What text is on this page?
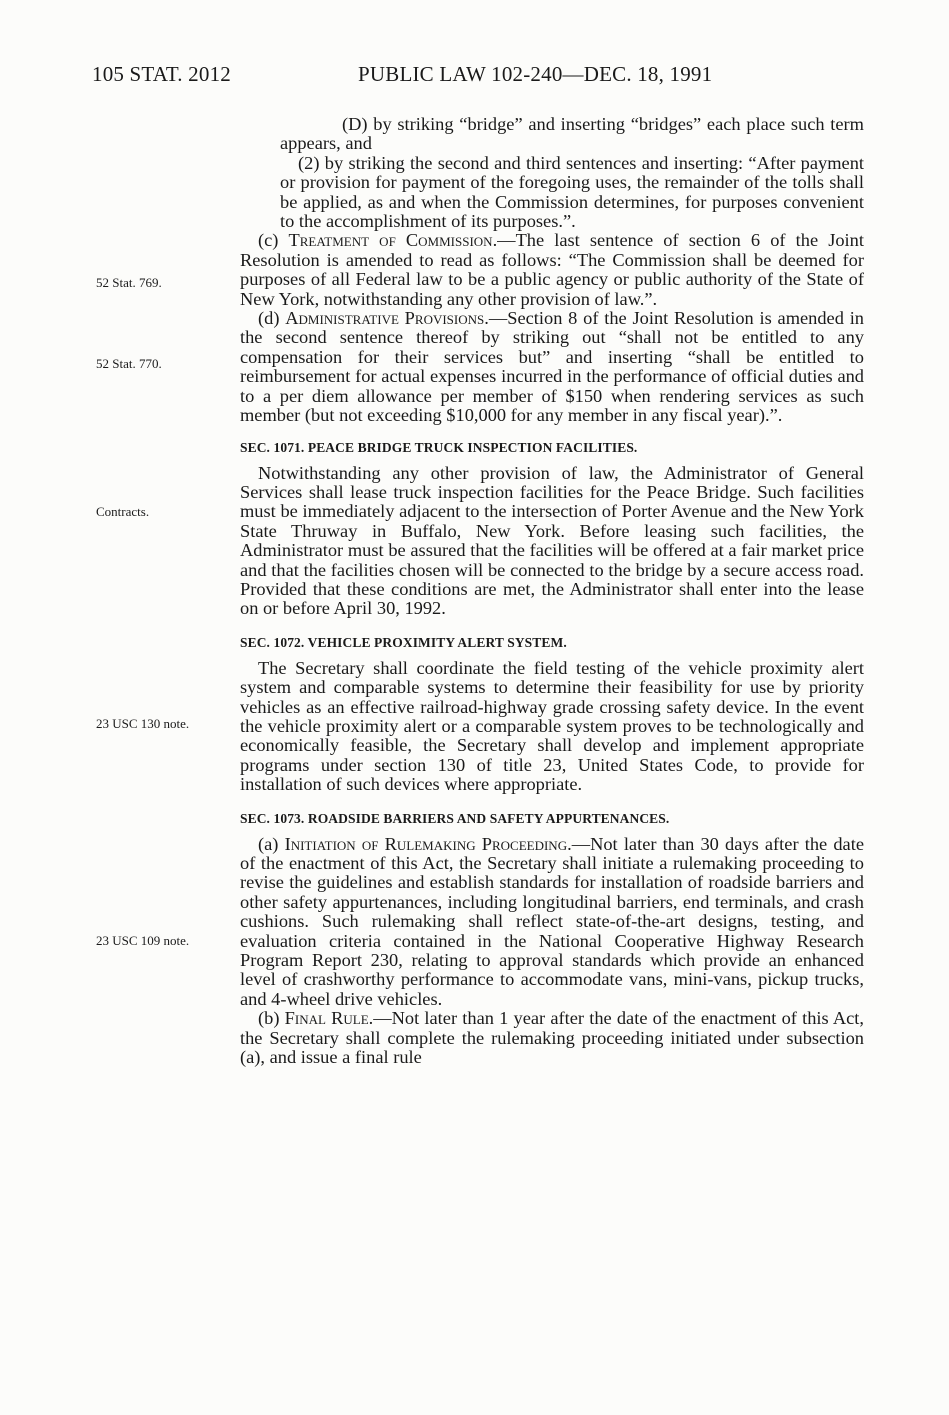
105 STAT. 2012	PUBLIC LAW 102-240—DEC. 18, 1991
52 Stat. 769.
52 Stat. 770.
Contracts.
23 USC 130 note.
23 USC 109 note.

(D) by striking “bridge” and inserting “bridges” each place such term appears, and

(2) by striking the second and third sentences and inserting: “After payment or provision for payment of the foregoing uses, the remainder of the tolls shall be applied, as and when the Commission determines, for purposes convenient to the accomplishment of its purposes.”.

(c) Treatment of Commission.—The last sentence of section 6 of the Joint Resolution is amended to read as follows: “The Commission shall be deemed for purposes of all Federal law to be a public agency or public authority of the State of New York, notwithstanding any other provision of law.”.

(d) Administrative Provisions.—Section 8 of the Joint Resolution is amended in the second sentence thereof by striking out “shall not be entitled to any compensation for their services but” and inserting “shall be entitled to reimbursement for actual expenses incurred in the performance of official duties and to a per diem allowance per member of $150 when rendering services as such member (but not exceeding $10,000 for any member in any fiscal year).”.

SEC. 1071. PEACE BRIDGE TRUCK INSPECTION FACILITIES.

Notwithstanding any other provision of law, the Administrator of General Services shall lease truck inspection facilities for the Peace Bridge. Such facilities must be immediately adjacent to the intersection of Porter Avenue and the New York State Thruway in Buffalo, New York. Before leasing such facilities, the Administrator must be assured that the facilities will be offered at a fair market price and that the facilities chosen will be connected to the bridge by a secure access road. Provided that these conditions are met, the Administrator shall enter into the lease on or before April 30, 1992.

SEC. 1072. VEHICLE PROXIMITY ALERT SYSTEM.

The Secretary shall coordinate the field testing of the vehicle proximity alert system and comparable systems to determine their feasibility for use by priority vehicles as an effective railroad-highway grade crossing safety device. In the event the vehicle proximity alert or a comparable system proves to be technologically and economically feasible, the Secretary shall develop and implement appropriate programs under section 130 of title 23, United States Code, to provide for installation of such devices where appropriate.

SEC. 1073. ROADSIDE BARRIERS AND SAFETY APPURTENANCES.

(a) Initiation of Rulemaking Proceeding.—Not later than 30 days after the date of the enactment of this Act, the Secretary shall initiate a rulemaking proceeding to revise the guidelines and establish standards for installation of roadside barriers and other safety appurtenances, including longitudinal barriers, end terminals, and crash cushions. Such rulemaking shall reflect state-of-the-art designs, testing, and evaluation criteria contained in the National Cooperative Highway Research Program Report 230, relating to approval standards which provide an enhanced level of crashworthy performance to accommodate vans, mini-vans, pickup trucks, and 4-wheel drive vehicles.

(b) Final Rule.—Not later than 1 year after the date of the enactment of this Act, the Secretary shall complete the rulemaking proceeding initiated under subsection (a), and issue a final rule
